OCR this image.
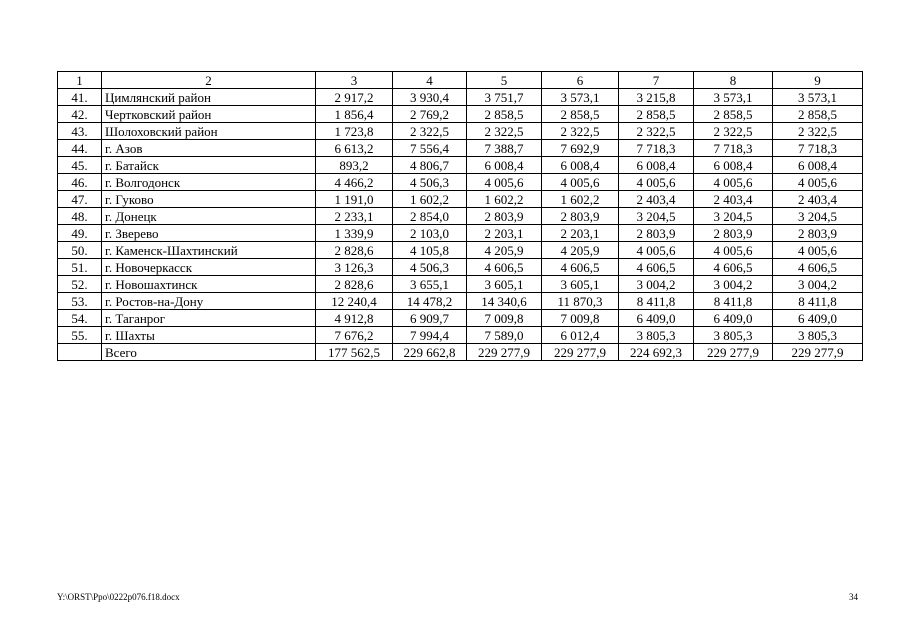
1	2	3	4	5	6	7	8	9
41.	Цимлянский район	2 917,2	3 930,4	3 751,7	3 573,1	3 215,8	3 573,1	3 573,1
42.	Чертковский район	1 856,4	2 769,2	2 858,5	2 858,5	2 858,5	2 858,5	2 858,5
43.	Шолоховский район	1 723,8	2 322,5	2 322,5	2 322,5	2 322,5	2 322,5	2 322,5
44.	г. Азов	6 613,2	7 556,4	7 388,7	7 692,9	7 718,3	7 718,3	7 718,3
45.	г. Батайск	893,2	4 806,7	6 008,4	6 008,4	6 008,4	6 008,4	6 008,4
46.	г. Волгодонск	4 466,2	4 506,3	4 005,6	4 005,6	4 005,6	4 005,6	4 005,6
47.	г. Гуково	1 191,0	1 602,2	1 602,2	1 602,2	2 403,4	2 403,4	2 403,4
48.	г. Донецк	2 233,1	2 854,0	2 803,9	2 803,9	3 204,5	3 204,5	3 204,5
49.	г. Зверево	1 339,9	2 103,0	2 203,1	2 203,1	2 803,9	2 803,9	2 803,9
50.	г. Каменск-Шахтинский	2 828,6	4 105,8	4 205,9	4 205,9	4 005,6	4 005,6	4 005,6
51.	г. Новочеркасск	3 126,3	4 506,3	4 606,5	4 606,5	4 606,5	4 606,5	4 606,5
52.	г. Новошахтинск	2 828,6	3 655,1	3 605,1	3 605,1	3 004,2	3 004,2	3 004,2
53.	г. Ростов-на-Дону	12 240,4	14 478,2	14 340,6	11 870,3	8 411,8	8 411,8	8 411,8
54.	г. Таганрог	4 912,8	6 909,7	7 009,8	7 009,8	6 409,0	6 409,0	6 409,0
55.	г. Шахты	7 676,2	7 994,4	7 589,0	6 012,4	3 805,3	3 805,3	3 805,3
	Всего	177 562,5	229 662,8	229 277,9	229 277,9	224 692,3	229 277,9	229 277,9
Y:\ORST\Ppo\0222p076.f18.docx	34
